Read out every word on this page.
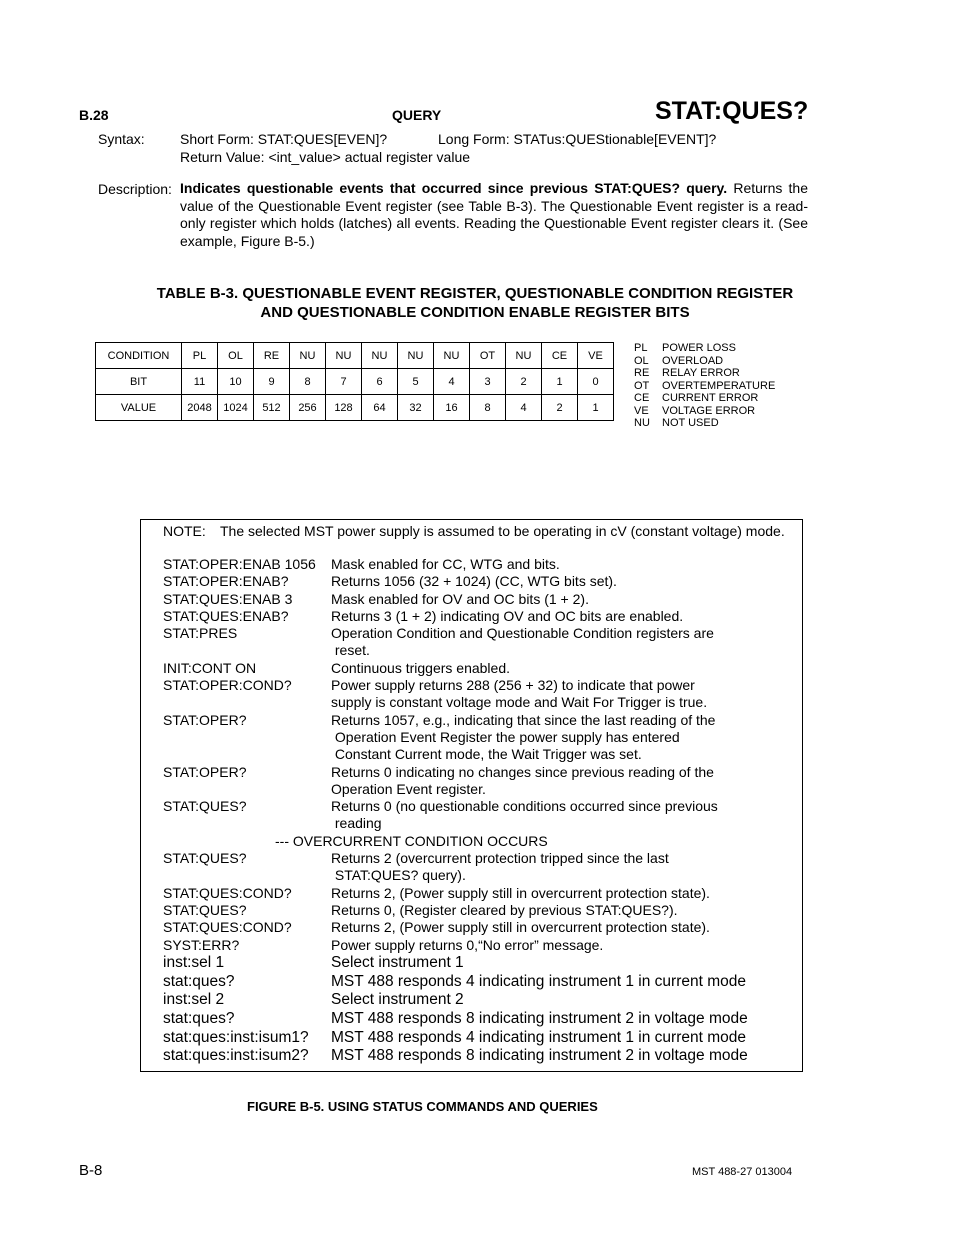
B.28	QUERY	STAT:QUES?
Syntax:	Short Form: STAT:QUES[EVEN]?	Long Form: STATus:QUEStionable[EVENT]?
Return Value: <int_value> actual register value
Description: Indicates questionable events that occurred since previous STAT:QUES? query. Returns the value of the Questionable Event register (see Table B-3). The Questionable Event register is a read-only register which holds (latches) all events. Reading the Questionable Event register clears it. (See example, Figure B-5.)
TABLE B-3. QUESTIONABLE EVENT REGISTER, QUESTIONABLE CONDITION REGISTER
AND QUESTIONABLE CONDITION ENABLE REGISTER BITS
CONDITION	PL	OL	RE	NU	NU	NU	NU	NU	OT	NU	CE	VE
BIT	11	10	9	8	7	6	5	4	3	2	1	0
VALUE	2048	1024	512	256	128	64	32	16	8	4	2	1
PL	POWER LOSS
OL	OVERLOAD
RE	RELAY ERROR
OT	OVERTEMPERATURE
CE	CURRENT ERROR
VE	VOLTAGE ERROR
NU	NOT USED
NOTE: The selected MST power supply is assumed to be operating in cV (constant voltage) mode.
STAT:OPER:ENAB 1056	Mask enabled for CC, WTG and bits.
STAT:OPER:ENAB?	Returns 1056 (32 + 1024) (CC, WTG bits set).
STAT:QUES:ENAB 3	Mask enabled for OV and OC bits (1 + 2).
STAT:QUES:ENAB?	Returns 3 (1 + 2) indicating OV and OC bits are enabled.
STAT:PRES	Operation Condition and Questionable Condition registers are
reset.
INIT:CONT ON	Continuous triggers enabled.
STAT:OPER:COND?	Power supply returns 288 (256 + 32) to indicate that power
supply is constant voltage mode and Wait For Trigger is true.
STAT:OPER?	Returns 1057, e.g., indicating that since the last reading of the
Operation Event Register the power supply has entered
Constant Current mode, the Wait Trigger was set.
STAT:OPER?	Returns 0 indicating no changes since previous reading of the
Operation Event register.
STAT:QUES?	Returns 0 (no questionable conditions occurred since previous
reading
--- OVERCURRENT CONDITION OCCURS
STAT:QUES?	Returns 2 (overcurrent protection tripped since the last
STAT:QUES? query).
STAT:QUES:COND?	Returns 2, (Power supply still in overcurrent protection state).
STAT:QUES?	Returns 0, (Register cleared by previous STAT:QUES?).
STAT:QUES:COND?	Returns 2, (Power supply still in overcurrent protection state).
SYST:ERR?	Power supply returns 0,“No error” message.
inst:sel 1	Select instrument 1
stat:ques?	MST 488 responds 4 indicating instrument 1 in current mode
inst:sel 2	Select instrument 2
stat:ques?	MST 488 responds 8 indicating instrument 2 in voltage mode
stat:ques:inst:isum1?	MST 488 responds 4 indicating instrument 1 in current mode
stat:ques:inst:isum2?	MST 488 responds 8 indicating instrument 2 in voltage mode
FIGURE B-5. USING STATUS COMMANDS AND QUERIES
B-8	MST 488-27 013004
